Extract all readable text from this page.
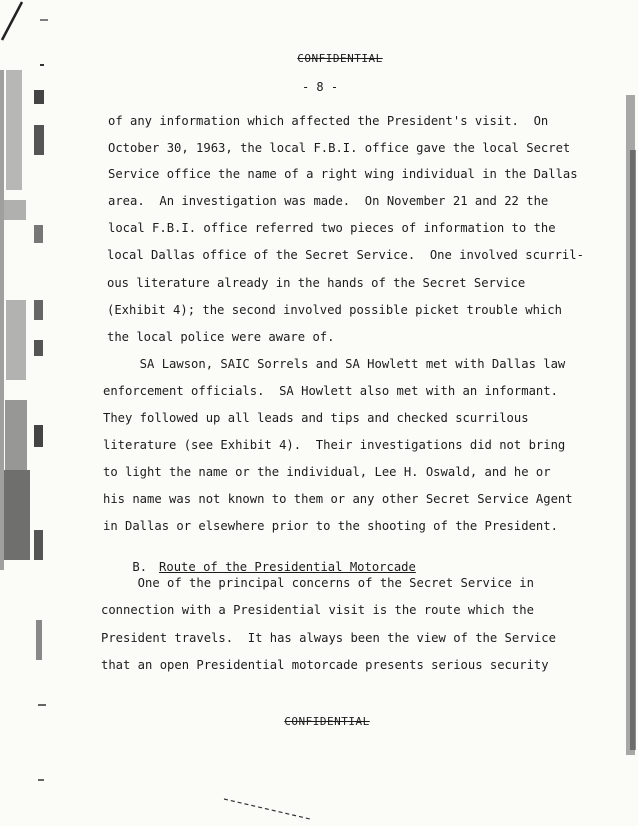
CONFIDENTIAL
- 8 -
of any information which affected the President's visit.  On
October 30, 1963, the local F.B.I. office gave the local Secret
Service office the name of a right wing individual in the Dallas
area.  An investigation was made.  On November 21 and 22 the
local F.B.I. office referred two pieces of information to the
local Dallas office of the Secret Service.  One involved scurril-
ous literature already in the hands of the Secret Service
(Exhibit 4); the second involved possible picket trouble which
the local police were aware of.
SA Lawson, SAIC Sorrels and SA Howlett met with Dallas law
enforcement officials.  SA Howlett also met with an informant.
They followed up all leads and tips and checked scurrilous
literature (see Exhibit 4).  Their investigations did not bring
to light the name or the individual, Lee H. Oswald, and he or
his name was not known to them or any other Secret Service Agent
in Dallas or elsewhere prior to the shooting of the President.

B. Route of the Presidential Motorcade

One of the principal concerns of the Secret Service in
connection with a Presidential visit is the route which the
President travels.  It has always been the view of the Service
that an open Presidential motorcade presents serious security
CONFIDENTIAL
